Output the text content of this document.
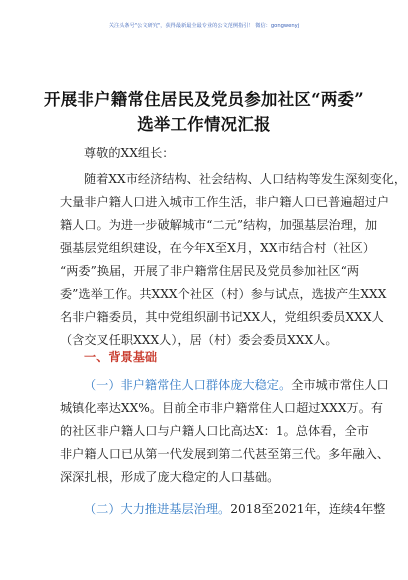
关注头条号"公文研究"，获得最新最全最专业的公文范例指引！ 微信：gongwenyj
开展非户籍常住居民及党员参加社区“两委”
选举工作情况汇报
尊敬的XX组长：
随着XX市经济结构、社会结构、人口结构等发生深刻变化，
大量非户籍人口进入城市工作生活，非户籍人口已普遍超过户
籍人口。为进一步破解城市“二元”结构，加强基层治理，加
强基层党组织建设，在今年X至X月，XX市结合村（社区）
“两委”换届，开展了非户籍常住居民及党员参加社区“两
委”选举工作。共XXX个社区（村）参与试点，选拔产生XXX
名非户籍委员，其中党组织副书记XX人，党组织委员XXX人
（含交叉任职XXX人），居（村）委会委员XXX人。
一、背景基础
（一）非户籍常住人口群体庞大稳定。全市城市常住人口
城镇化率达XX%。目前全市非户籍常住人口超过XXX万。有
的社区非户籍人口与户籍人口比高达X：1。总体看，全市
非户籍人口已从第一代发展到第二代甚至第三代。多年融入、
深深扎根，形成了庞大稳定的人口基础。
（二）大力推进基层治理。2018至2021年，连续4年整
